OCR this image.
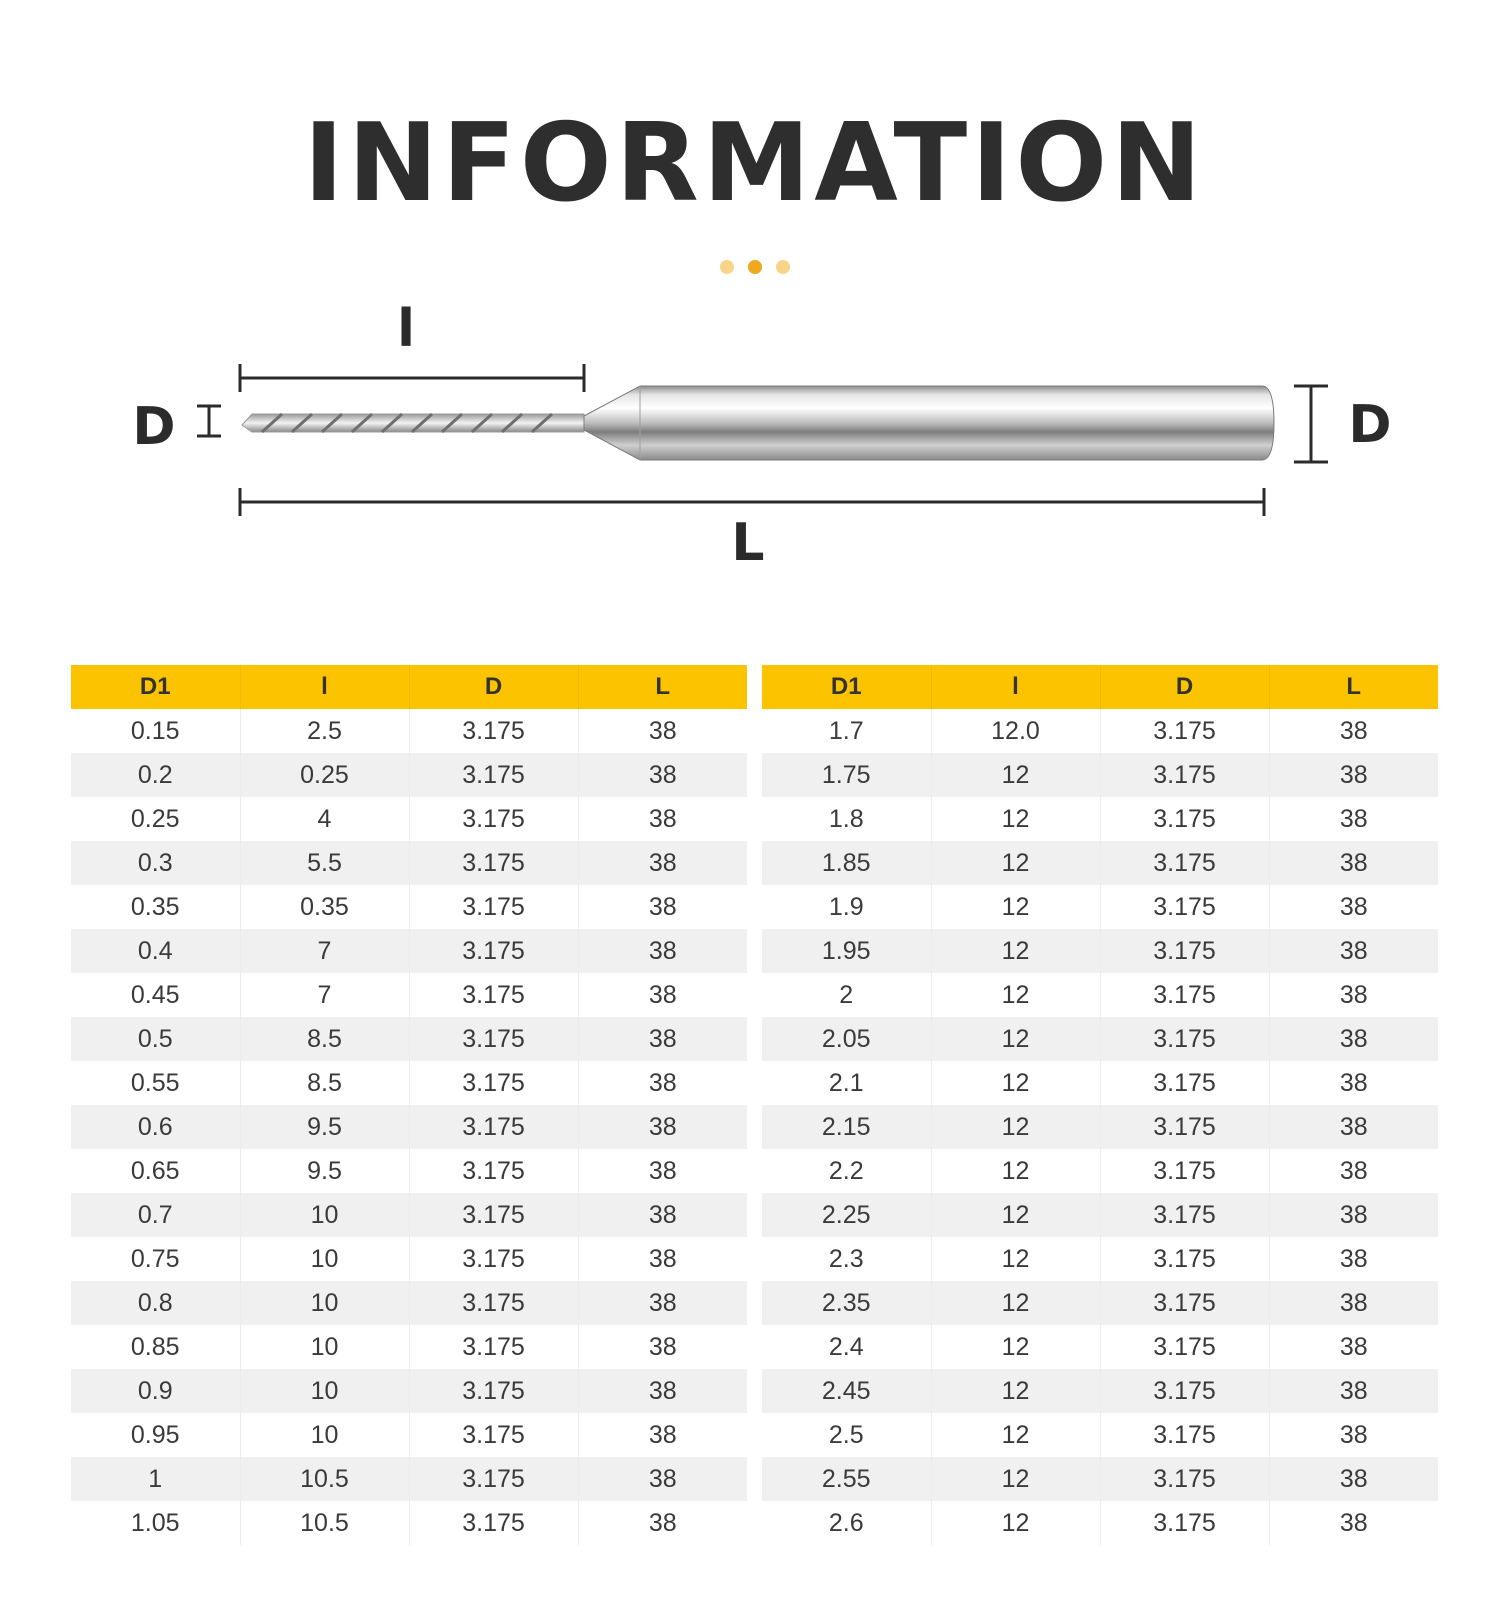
INFORMATION
l
D	D
L
D1	l	D	L
0.15	2.5	3.175	38
0.2	0.25	3.175	38
0.25	4	3.175	38
0.3	5.5	3.175	38
0.35	0.35	3.175	38
0.4	7	3.175	38
0.45	7	3.175	38
0.5	8.5	3.175	38
0.55	8.5	3.175	38
0.6	9.5	3.175	38
0.65	9.5	3.175	38
0.7	10	3.175	38
0.75	10	3.175	38
0.8	10	3.175	38
0.85	10	3.175	38
0.9	10	3.175	38
0.95	10	3.175	38
1	10.5	3.175	38
1.05	10.5	3.175	38
D1	l	D	L
1.7	12.0	3.175	38
1.75	12	3.175	38
1.8	12	3.175	38
1.85	12	3.175	38
1.9	12	3.175	38
1.95	12	3.175	38
2	12	3.175	38
2.05	12	3.175	38
2.1	12	3.175	38
2.15	12	3.175	38
2.2	12	3.175	38
2.25	12	3.175	38
2.3	12	3.175	38
2.35	12	3.175	38
2.4	12	3.175	38
2.45	12	3.175	38
2.5	12	3.175	38
2.55	12	3.175	38
2.6	12	3.175	38
